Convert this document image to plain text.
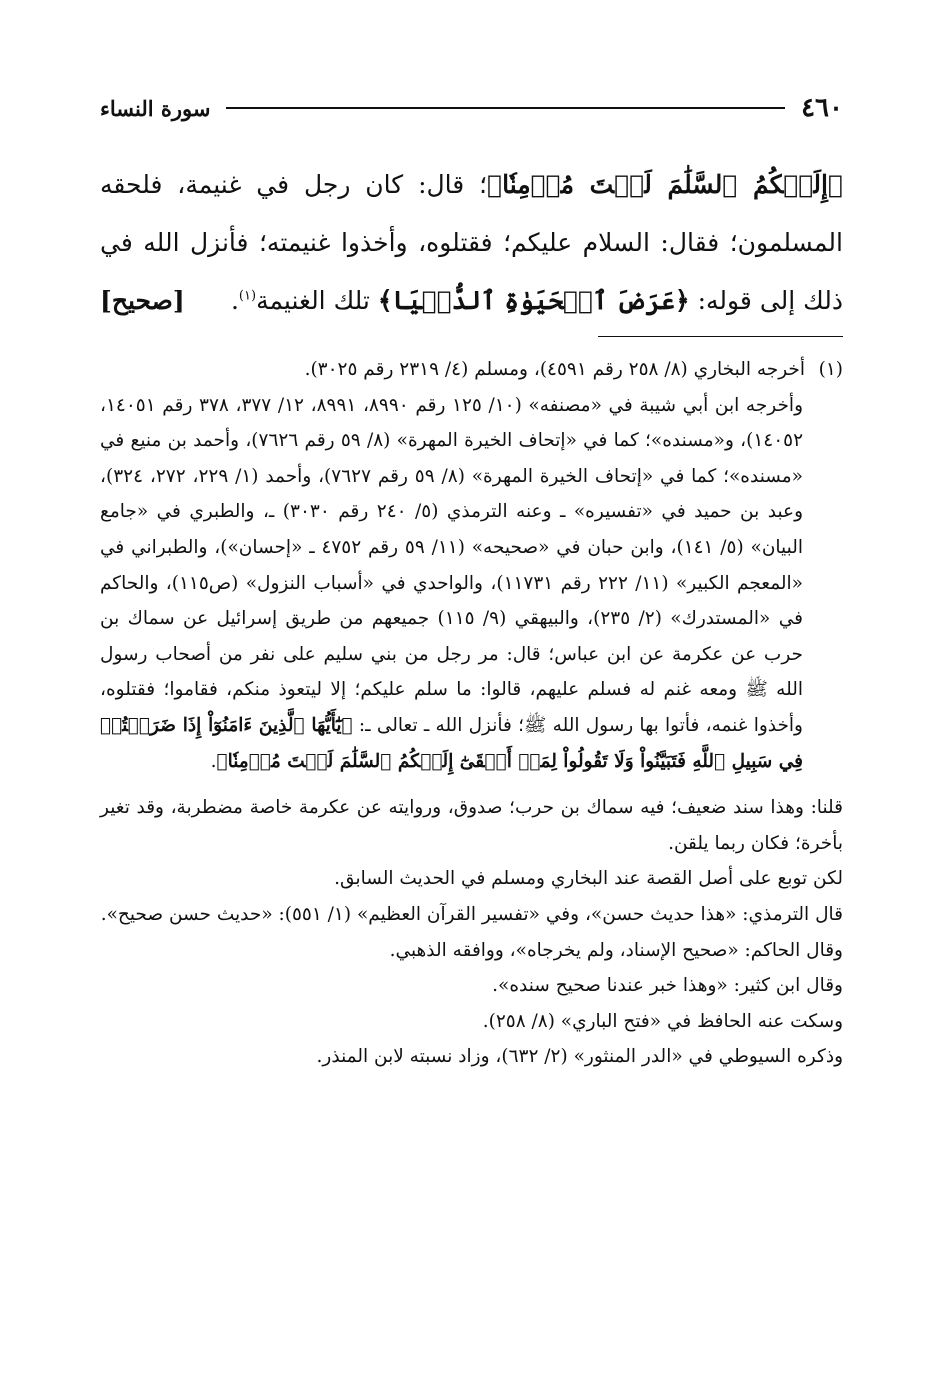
٤٦٠
سورة النساء
﴿إِلَيۡكُمُ ٱلسَّلَٰمَ لَسۡتَ مُؤۡمِنٗا﴾؛ قال: كان رجل في غنيمة، فلحقه المسلمون؛ فقال: السلام عليكم؛ فقتلوه، وأخذوا غنيمته؛ فأنزل الله في ذلك إلى قوله: ﴿عَرَضَ ٱلۡحَيَوٰةِ ٱلدُّنۡيَا﴾ تلك الغنيمة$^{(١)}$.
[صحيح]

(١)أخرجه البخاري (٨/ ٢٥٨ رقم ٤٥٩١)، ومسلم (٤/ ٢٣١٩ رقم ٣٠٢٥).

وأخرجه ابن أبي شيبة في «مصنفه» (١٠/ ١٢٥ رقم ٨٩٩٠، ٨٩٩١، ١٢/ ٣٧٧، ٣٧٨ رقم ١٤٠٥١، ١٤٠٥٢)، و«مسنده»؛ كما في «إتحاف الخيرة المهرة» (٨/ ٥٩ رقم ٧٦٢٦)، وأحمد بن منيع في «مسنده»؛ كما في «إتحاف الخيرة المهرة» (٨/ ٥٩ رقم ٧٦٢٧)، وأحمد (١/ ٢٢٩، ٢٧٢، ٣٢٤)، وعبد بن حميد في «تفسيره» ـ وعنه الترمذي (٥/ ٢٤٠ رقم ٣٠٣٠) ـ، والطبري في «جامع البيان» (٥/ ١٤١)، وابن حبان في «صحيحه» (١١/ ٥٩ رقم ٤٧٥٢ ـ «إحسان»)، والطبراني في «المعجم الكبير» (١١/ ٢٢٢ رقم ١١٧٣١)، والواحدي في «أسباب النزول» (ص١١٥)، والحاكم في «المستدرك» (٢/ ٢٣٥)، والبيهقي (٩/ ١١٥) جميعهم من طريق إسرائيل عن سماك بن حرب عن عكرمة عن ابن عباس؛ قال: مر رجل من بني سليم على نفر من أصحاب رسول الله ﷺ ومعه غنم له فسلم عليهم، قالوا: ما سلم عليكم؛ إلا ليتعوذ منكم، فقاموا؛ فقتلوه، وأخذوا غنمه، فأتوا بها رسول الله ﷺ؛ فأنزل الله ـ تعالى ـ: ﴿يَٰٓأَيُّهَا ٱلَّذِينَ ءَامَنُوٓاْ إِذَا ضَرَبۡتُمۡ فِي سَبِيلِ ٱللَّهِ فَتَبَيَّنُواْ وَلَا تَقُولُواْ لِمَنۡ أَلۡقَىٰٓ إِلَيۡكُمُ ٱلسَّلَٰمَ لَسۡتَ مُؤۡمِنٗا﴾.

قلنا: وهذا سند ضعيف؛ فيه سماك بن حرب؛ صدوق، وروايته عن عكرمة خاصة مضطربة، وقد تغير بأخرة؛ فكان ربما يلقن.

لكن توبع على أصل القصة عند البخاري ومسلم في الحديث السابق.

قال الترمذي: «هذا حديث حسن»، وفي «تفسير القرآن العظيم» (١/ ٥٥١): «حديث حسن صحيح».

وقال الحاكم: «صحيح الإسناد، ولم يخرجاه»، ووافقه الذهبي.

وقال ابن كثير: «وهذا خبر عندنا صحيح سنده».

وسكت عنه الحافظ في «فتح الباري» (٨/ ٢٥٨).

وذكره السيوطي في «الدر المنثور» (٢/ ٦٣٢)، وزاد نسبته لابن المنذر.
